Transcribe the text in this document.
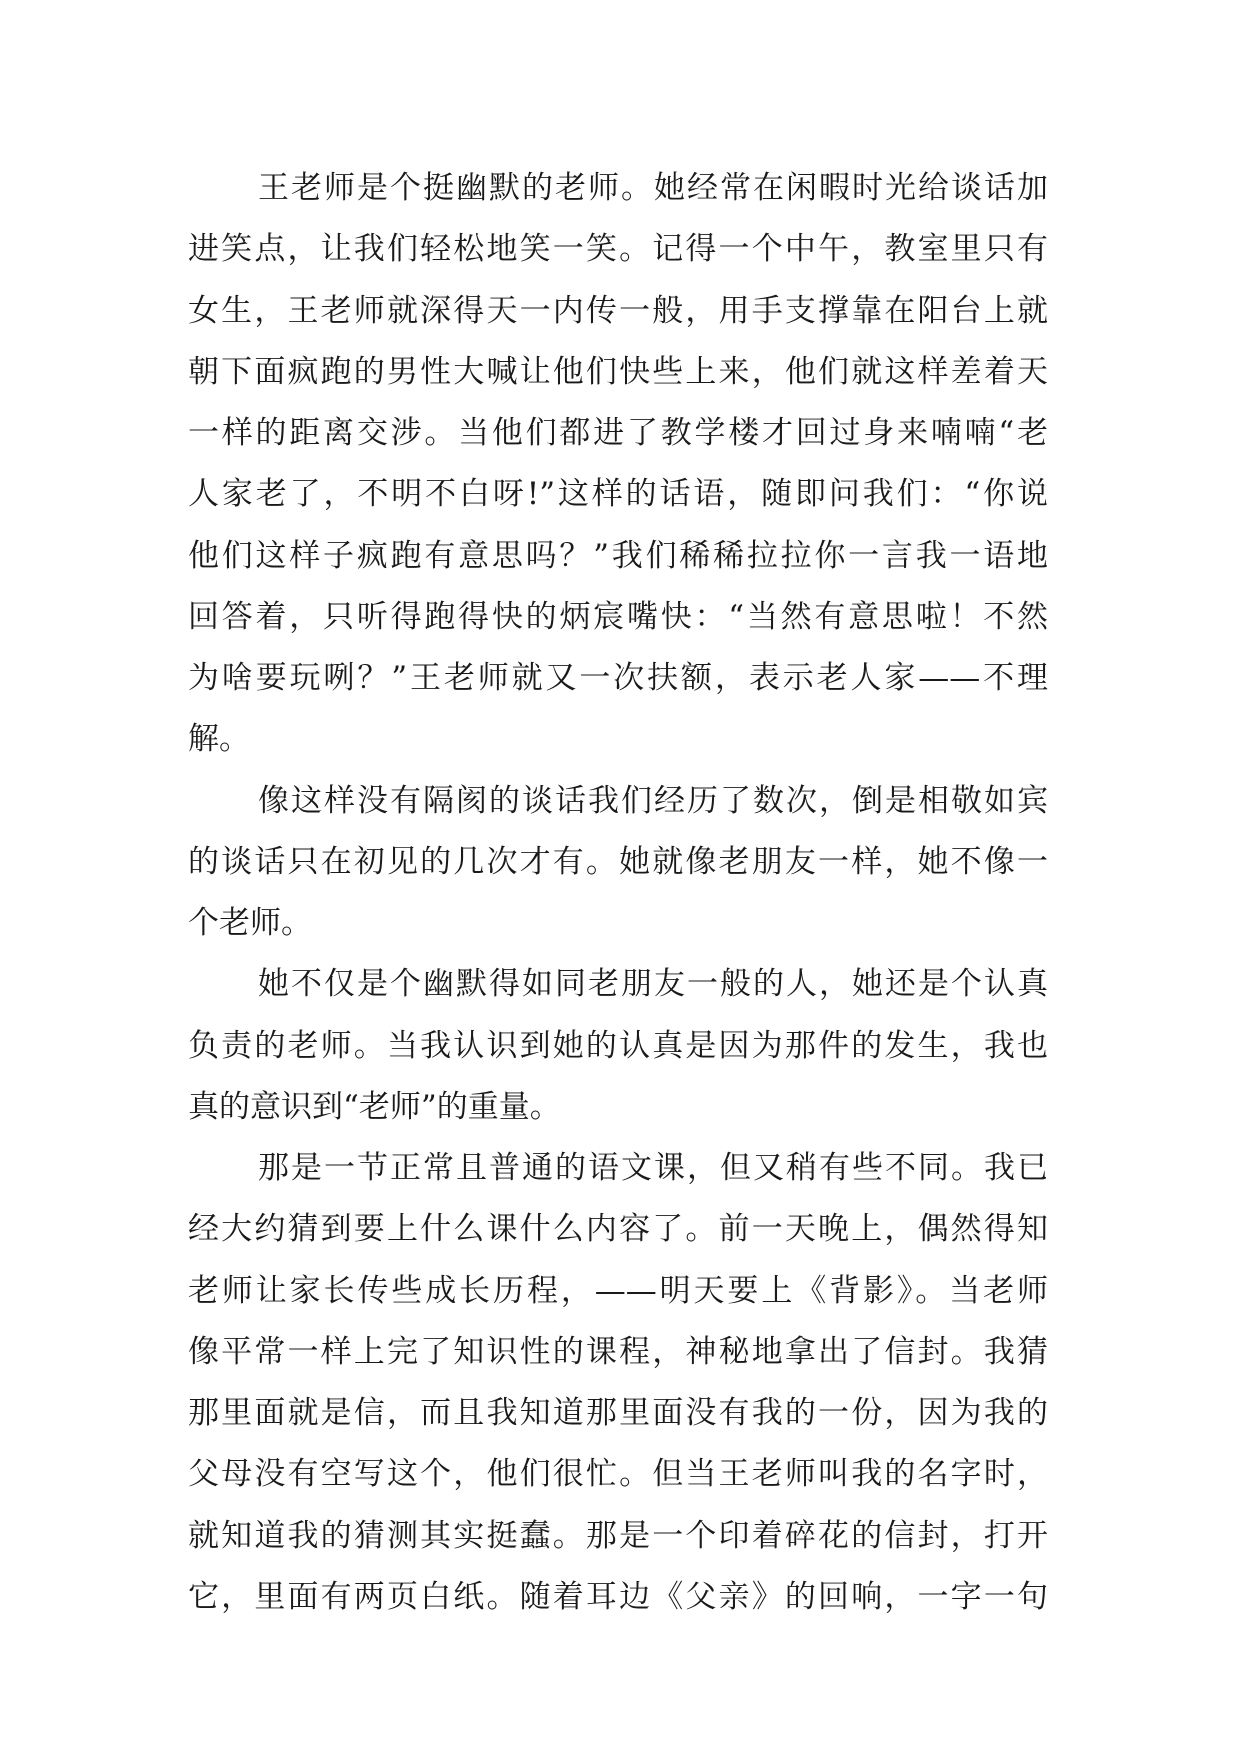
王老师是个挺幽默的老师。她经常在闲暇时光给谈话加
进笑点，让我们轻松地笑一笑。记得一个中午，教室里只有
女生，王老师就深得天一内传一般，用手支撑靠在阳台上就
朝下面疯跑的男性大喊让他们快些上来，他们就这样差着天
一样的距离交涉。当他们都进了教学楼才回过身来喃喃“老
人家老了，不明不白呀!”这样的话语，随即问我们：“你说
他们这样子疯跑有意思吗？”我们稀稀拉拉你一言我一语地
回答着，只听得跑得快的炳宸嘴快：“当然有意思啦！不然
为啥要玩咧？”王老师就又一次扶额，表示老人家——不理
解。
像这样没有隔阂的谈话我们经历了数次，倒是相敬如宾
的谈话只在初见的几次才有。她就像老朋友一样，她不像一
个老师。
她不仅是个幽默得如同老朋友一般的人，她还是个认真
负责的老师。当我认识到她的认真是因为那件的发生，我也
真的意识到“老师”的重量。
那是一节正常且普通的语文课，但又稍有些不同。我已
经大约猜到要上什么课什么内容了。前一天晚上，偶然得知
老师让家长传些成长历程，——明天要上《背影》。当老师
像平常一样上完了知识性的课程，神秘地拿出了信封。我猜
那里面就是信，而且我知道那里面没有我的一份，因为我的
父母没有空写这个，他们很忙。但当王老师叫我的名字时，
就知道我的猜测其实挺蠢。那是一个印着碎花的信封，打开
它，里面有两页白纸。随着耳边《父亲》的回响，一字一句
